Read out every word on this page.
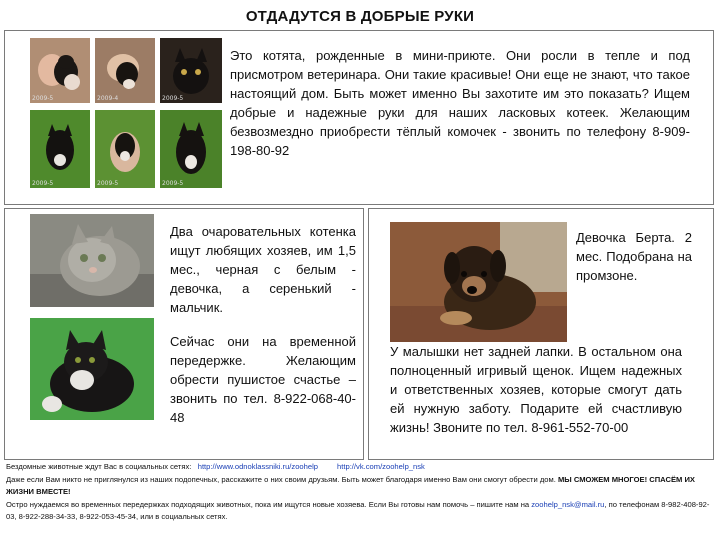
ОТДАДУТСЯ В ДОБРЫЕ РУКИ
2009-5	2009-4	2009-5
2009-5	2009-5	2009-5
Это котята, рожденные в мини-приюте. Они росли в тепле и под присмотром ветеринара. Они такие красивые! Они еще не знают, что такое настоящий дом. Быть может именно Вы захотите им это показать? Ищем добрые и надежные руки для наших ласковых котеек. Желающим безвозмездно приобрести тёплый комочек - звонить по телефону 8-909-198-80-92
Два очаровательных котенка ищут любящих хозяев, им 1,5 мес., черная с белым - девочка, а серенький - мальчик.
Сейчас они на временной передержке. Желающим обрести пушистое счастье – звонить по тел. 8-922-068-40-48
Девочка Берта. 2 мес. Подобрана на промзоне.
У малышки нет задней лапки. В остальном она полноценный игривый щенок. Ищем надежных и ответственных хозяев, которые смогут дать ей нужную заботу. Подарите ей счастливую жизнь! Звоните по тел. 8-961-552-70-00
Бездомные животные ждут Вас в социальных сетях: http://www.odnoklassniki.ru/zoohelp	http://vk.com/zoohelp_nsk
Даже если Вам никто не приглянулся из наших подопечных, расскажите о них своим друзьям. Быть может благодаря именно Вам они смогут обрести дом. МЫ СМОЖЕМ МНОГОЕ! СПАСЁМ ИХ ЖИЗНИ ВМЕСТЕ!
Остро нуждаемся во временных передержках подходящих животных, пока им ищутся новые хозяева. Если Вы готовы нам помочь – пишите нам на zoohelp_nsk@mail.ru, по телефонам 8-982-408-92-03, 8-922-288-34-33, 8-922-053-45-34, или в социальных сетях.
